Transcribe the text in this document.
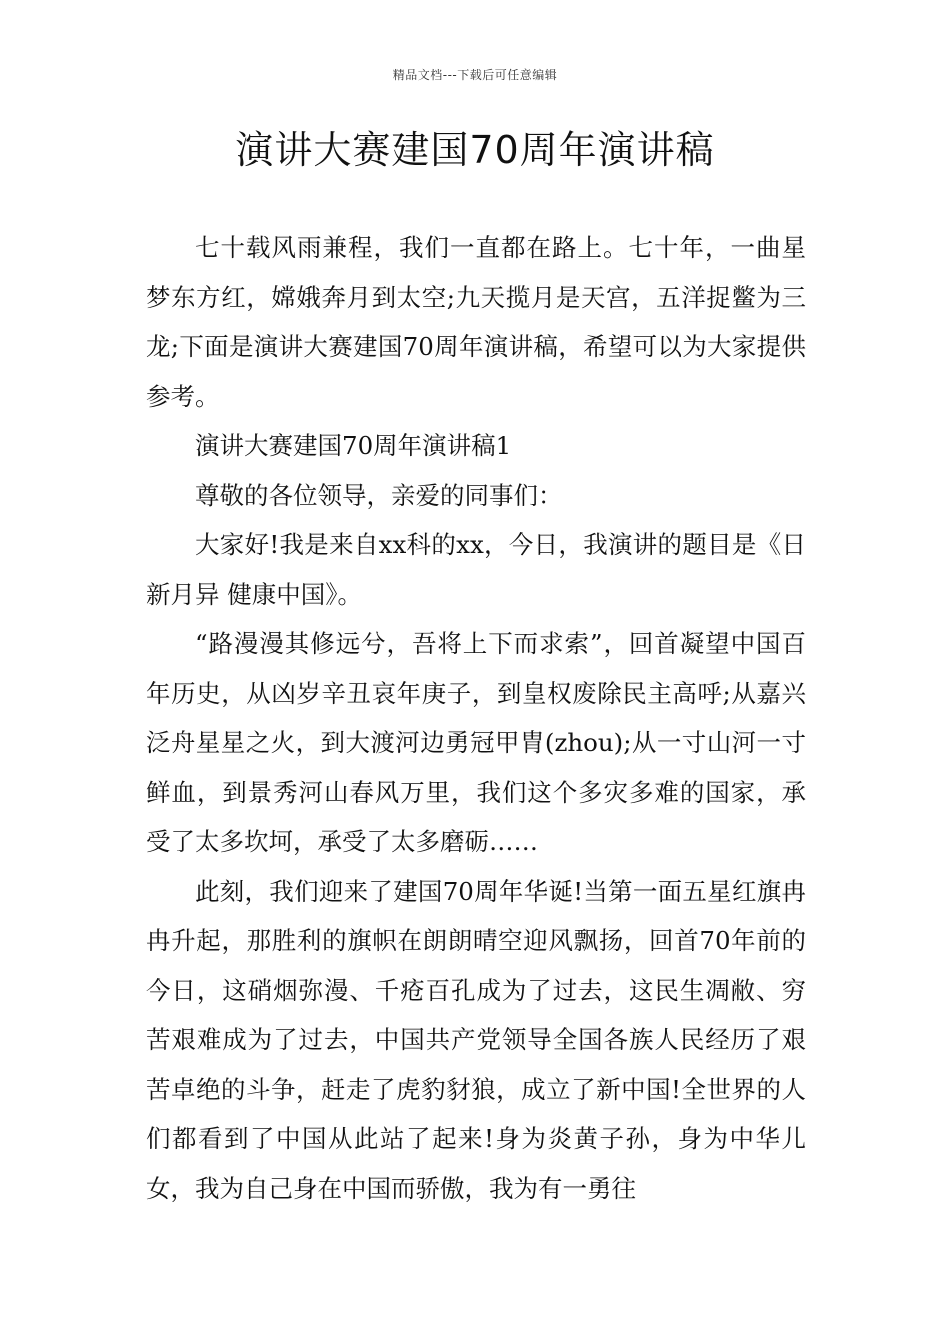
精品文档---下载后可任意编辑
演讲大赛建国70周年演讲稿

七十载风雨兼程，我们一直都在路上。七十年，一曲星梦东方红，嫦娥奔月到太空;九天揽月是天宫，五洋捉鳖为三龙;下面是演讲大赛建国70周年演讲稿，希望可以为大家提供参考。

演讲大赛建国70周年演讲稿1

尊敬的各位领导，亲爱的同事们：

大家好!我是来自xx科的xx，今日，我演讲的题目是《日新月异 健康中国》。

“路漫漫其修远兮，吾将上下而求索”，回首凝望中国百年历史，从凶岁辛丑哀年庚子，到皇权废除民主高呼;从嘉兴泛舟星星之火，到大渡河边勇冠甲胄(zhou);从一寸山河一寸鲜血，到景秀河山春风万里，我们这个多灾多难的国家，承受了太多坎坷，承受了太多磨砺……

此刻，我们迎来了建国70周年华诞!当第一面五星红旗冉冉升起，那胜利的旗帜在朗朗晴空迎风飘扬，回首70年前的今日，这硝烟弥漫、千疮百孔成为了过去，这民生凋敝、穷苦艰难成为了过去，中国共产党领导全国各族人民经历了艰苦卓绝的斗争，赶走了虎豹豺狼，成立了新中国!全世界的人们都看到了中国从此站了起来!身为炎黄子孙，身为中华儿女，我为自己身在中国而骄傲，我为有一勇往
